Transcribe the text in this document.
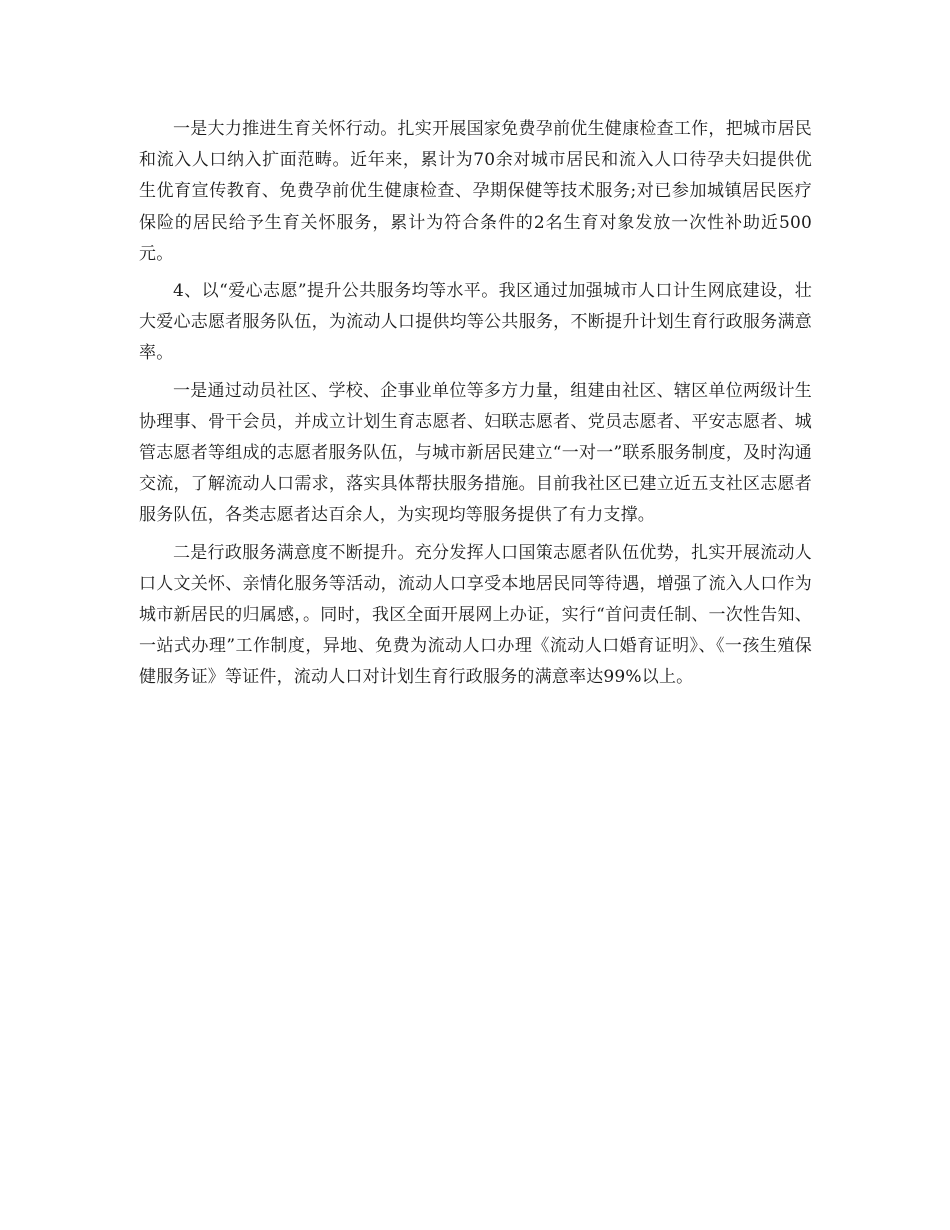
一是大力推进生育关怀行动。扎实开展国家免费孕前优生健康检查工作，把城市居民和流入人口纳入扩面范畴。近年来，累计为70余对城市居民和流入人口待孕夫妇提供优生优育宣传教育、免费孕前优生健康检查、孕期保健等技术服务;对已参加城镇居民医疗保险的居民给予生育关怀服务，累计为符合条件的2名生育对象发放一次性补助近500元。

4、以“爱心志愿”提升公共服务均等水平。我区通过加强城市人口计生网底建设，壮大爱心志愿者服务队伍，为流动人口提供均等公共服务，不断提升计划生育行政服务满意率。

一是通过动员社区、学校、企事业单位等多方力量，组建由社区、辖区单位两级计生协理事、骨干会员，并成立计划生育志愿者、妇联志愿者、党员志愿者、平安志愿者、城管志愿者等组成的志愿者服务队伍，与城市新居民建立“一对一”联系服务制度，及时沟通交流，了解流动人口需求，落实具体帮扶服务措施。目前我社区已建立近五支社区志愿者服务队伍，各类志愿者达百余人，为实现均等服务提供了有力支撑。

二是行政服务满意度不断提升。充分发挥人口国策志愿者队伍优势，扎实开展流动人口人文关怀、亲情化服务等活动，流动人口享受本地居民同等待遇，增强了流入人口作为城市新居民的归属感，。同时，我区全面开展网上办证，实行“首问责任制、一次性告知、一站式办理”工作制度，异地、免费为流动人口办理《流动人口婚育证明》、《一孩生殖保健服务证》等证件，流动人口对计划生育行政服务的满意率达99%以上。
